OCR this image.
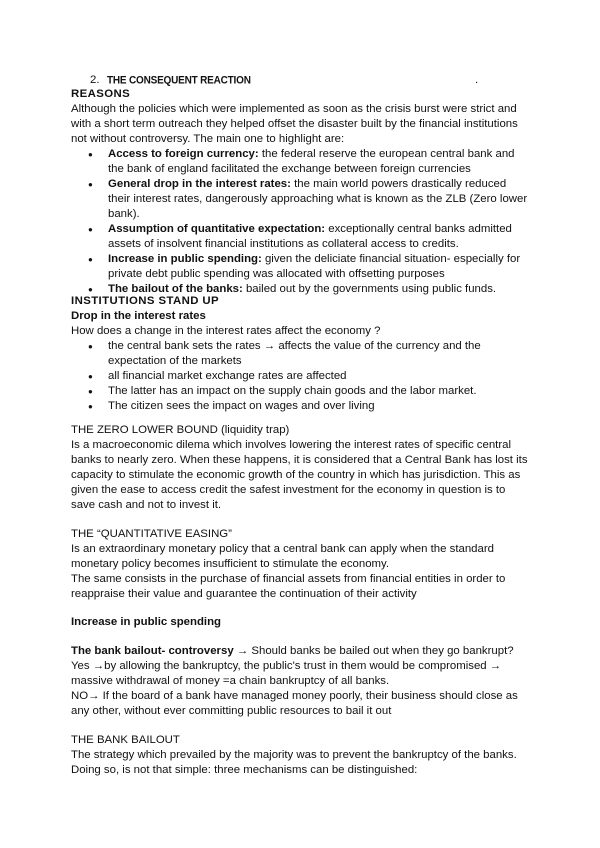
2. THE CONSEQUENT REACTION	.

REASONS

Although the policies which were implemented as soon as the crisis burst were strict and with a short term outreach they helped offset the disaster built by the financial institutions not without controversy. The main one to highlight are:

● Access to foreign currency: the federal reserve the european central bank and the bank of england facilitated the exchange between foreign currencies
● General drop in the interest rates: the main world powers drastically reduced their interest rates, dangerously approaching what is known as the ZLB (Zero lower bank).
● Assumption of quantitative expectation: exceptionally central banks admitted assets of insolvent financial institutions as collateral access to credits.
● Increase in public spending: given the deliciate financial situation- especially for private debt public spending was allocated with offsetting purposes
● The bailout of the banks: bailed out by the governments using public funds.

INSTITUTIONS STAND UP

Drop in the interest rates

How does a change in the interest rates affect the economy ?

● the central bank sets the rates → affects the value of the currency and the expectation of the markets
● all financial market exchange rates are affected
● The latter has an impact on the supply chain goods and the labor market.
● The citizen sees the impact on wages and over living

THE ZERO LOWER BOUND (liquidity trap)

Is a macroeconomic dilema which involves lowering the interest rates of specific central banks to nearly zero. When these happens, it is considered that a Central Bank has lost its capacity to stimulate the economic growth of the country in which has jurisdiction. This as given the ease to access credit the safest investment for the economy in question is to save cash and not to invest it.

THE “QUANTITATIVE EASING”

Is an extraordinary monetary policy that a central bank can apply when the standard monetary policy becomes insufficient to stimulate the economy.

The same consists in the purchase of financial assets from financial entities in order to reappraise their value and guarantee the continuation of their activity

Increase in public spending

The bank bailout- controversy → Should banks be bailed out when they go bankrupt?

Yes →by allowing the bankruptcy, the public's trust in them would be compromised → massive withdrawal of money =a chain bankruptcy of all banks.

NO→ If the board of a bank have managed money poorly, their business should close as any other, without ever committing public resources to bail it out

THE BANK BAILOUT

The strategy which prevailed by the majority was to prevent the bankruptcy of the banks. Doing so, is not that simple: three mechanisms can be distinguished:
